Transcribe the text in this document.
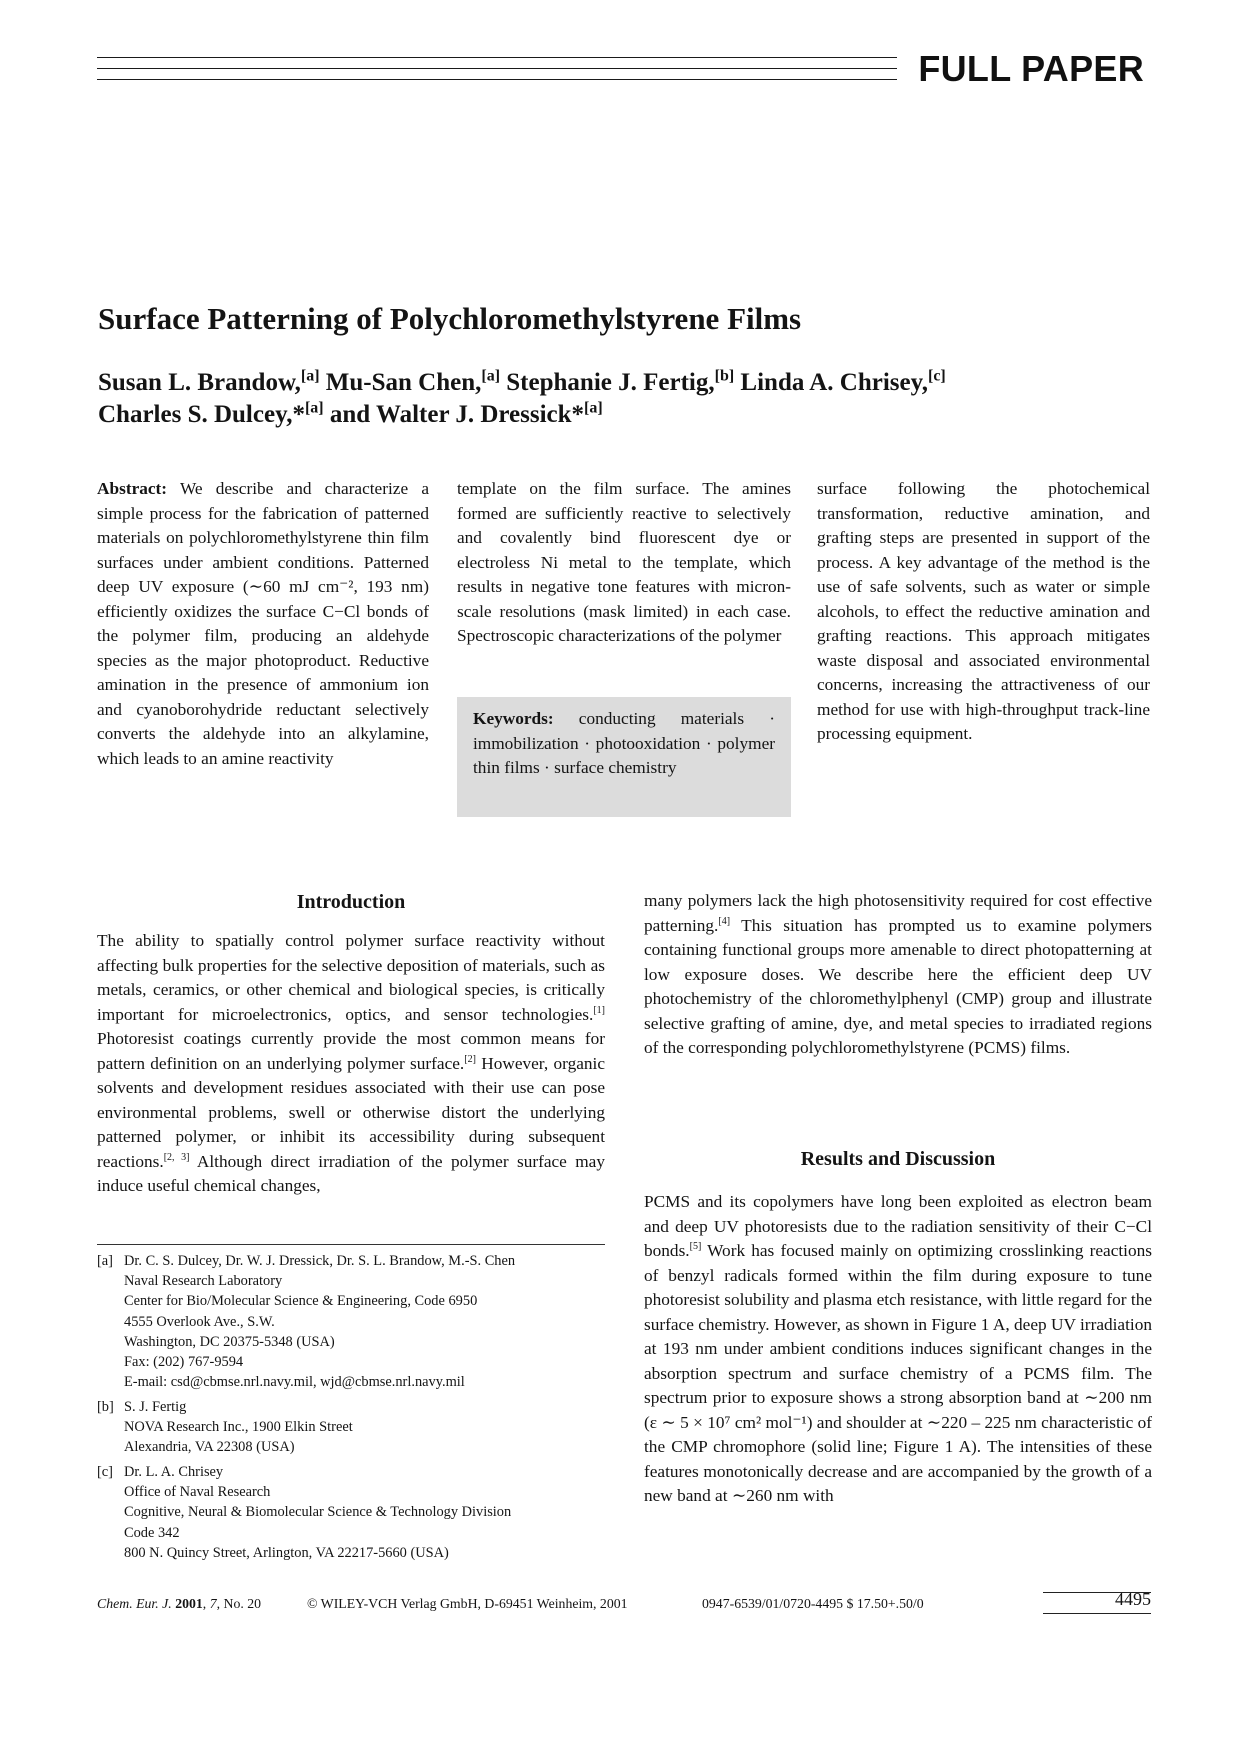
FULL PAPER
Surface Patterning of Polychloromethylstyrene Films
Susan L. Brandow,[a] Mu-San Chen,[a] Stephanie J. Fertig,[b] Linda A. Chrisey,[c]
Charles S. Dulcey,*[a] and Walter J. Dressick*[a]

Abstract: We describe and characterize a simple process for the fabrication of patterned materials on polychloromethylstyrene thin film surfaces under ambient conditions. Patterned deep UV exposure (∼60 mJ cm⁻², 193 nm) efficiently oxidizes the surface C−Cl bonds of the polymer film, producing an aldehyde species as the major photoproduct. Reductive amination in the presence of ammonium ion and cyanoborohydride reductant selectively converts the aldehyde into an alkylamine, which leads to an amine reactivity

template on the film surface. The amines formed are sufficiently reactive to selectively and covalently bind fluorescent dye or electroless Ni metal to the template, which results in negative tone features with micron-scale resolutions (mask limited) in each case. Spectroscopic characterizations of the polymer

Keywords: conducting materials · immobilization · photooxidation · polymer thin films · surface chemistry

surface following the photochemical transformation, reductive amination, and grafting steps are presented in support of the process. A key advantage of the method is the use of safe solvents, such as water or simple alcohols, to effect the reductive amination and grafting reactions. This approach mitigates waste disposal and associated environmental concerns, increasing the attractiveness of our method for use with high-throughput track-line processing equipment.

Introduction

The ability to spatially control polymer surface reactivity without affecting bulk properties for the selective deposition of materials, such as metals, ceramics, or other chemical and biological species, is critically important for microelectronics, optics, and sensor technologies.[1] Photoresist coatings currently provide the most common means for pattern definition on an underlying polymer surface.[2] However, organic solvents and development residues associated with their use can pose environmental problems, swell or otherwise distort the underlying patterned polymer, or inhibit its accessibility during subsequent reactions.[2, 3] Although direct irradiation of the polymer surface may induce useful chemical changes,

many polymers lack the high photosensitivity required for cost effective patterning.[4] This situation has prompted us to examine polymers containing functional groups more amenable to direct photopatterning at low exposure doses. We describe here the efficient deep UV photochemistry of the chloromethylphenyl (CMP) group and illustrate selective grafting of amine, dye, and metal species to irradiated regions of the corresponding polychloromethylstyrene (PCMS) films.

Results and Discussion

PCMS and its copolymers have long been exploited as electron beam and deep UV photoresists due to the radiation sensitivity of their C−Cl bonds.[5] Work has focused mainly on optimizing crosslinking reactions of benzyl radicals formed within the film during exposure to tune photoresist solubility and plasma etch resistance, with little regard for the surface chemistry. However, as shown in Figure 1 A, deep UV irradiation at 193 nm under ambient conditions induces significant changes in the absorption spectrum and surface chemistry of a PCMS film. The spectrum prior to exposure shows a strong absorption band at ∼200 nm (ε ∼ 5 × 10⁷ cm² mol⁻¹) and shoulder at ∼220 – 225 nm characteristic of the CMP chromophore (solid line; Figure 1 A). The intensities of these features monotonically decrease and are accompanied by the growth of a new band at ∼260 nm with

[a] Dr. C. S. Dulcey, Dr. W. J. Dressick, Dr. S. L. Brandow, M.-S. Chen
Naval Research Laboratory
Center for Bio/Molecular Science & Engineering, Code 6950
4555 Overlook Ave., S.W.
Washington, DC 20375-5348 (USA)
Fax: (202) 767-9594
E-mail: csd@cbmse.nrl.navy.mil, wjd@cbmse.nrl.navy.mil
[b] S. J. Fertig
NOVA Research Inc., 1900 Elkin Street
Alexandria, VA 22308 (USA)
[c] Dr. L. A. Chrisey
Office of Naval Research
Cognitive, Neural & Biomolecular Science & Technology Division
Code 342
800 N. Quincy Street, Arlington, VA 22217-5660 (USA)
Chem. Eur. J. 2001, 7, No. 20	© WILEY-VCH Verlag GmbH, D-69451 Weinheim, 2001	0947-6539/01/0720-4495 $ 17.50+.50/0	4495
